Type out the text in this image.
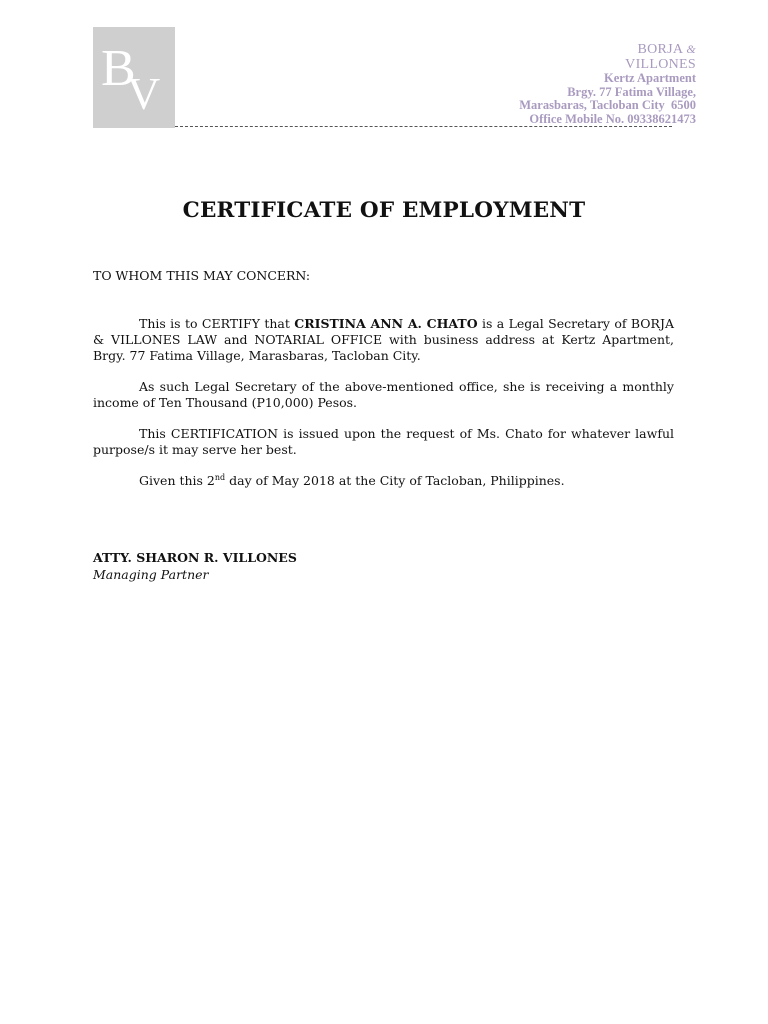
B
V
BORJA &
VILLONES
Kertz Apartment
Brgy. 77 Fatima Village,
Marasbaras, Tacloban City  6500
Office Mobile No. 09338621473
CERTIFICATE OF EMPLOYMENT
TO WHOM THIS MAY CONCERN:

This is to CERTIFY that CRISTINA ANN A. CHATO is a Legal Secretary of BORJA & VILLONES LAW and NOTARIAL OFFICE with business address at Kertz Apartment, Brgy. 77 Fatima Village, Marasbaras, Tacloban City.

As such Legal Secretary of the above-mentioned office, she is receiving a monthly income of Ten Thousand (P10,000) Pesos.

This CERTIFICATION is issued upon the request of Ms. Chato for whatever lawful purpose/s it may serve her best.

Given this 2nd day of May 2018 at the City of Tacloban, Philippines.

ATTY. SHARON R. VILLONES
Managing Partner
